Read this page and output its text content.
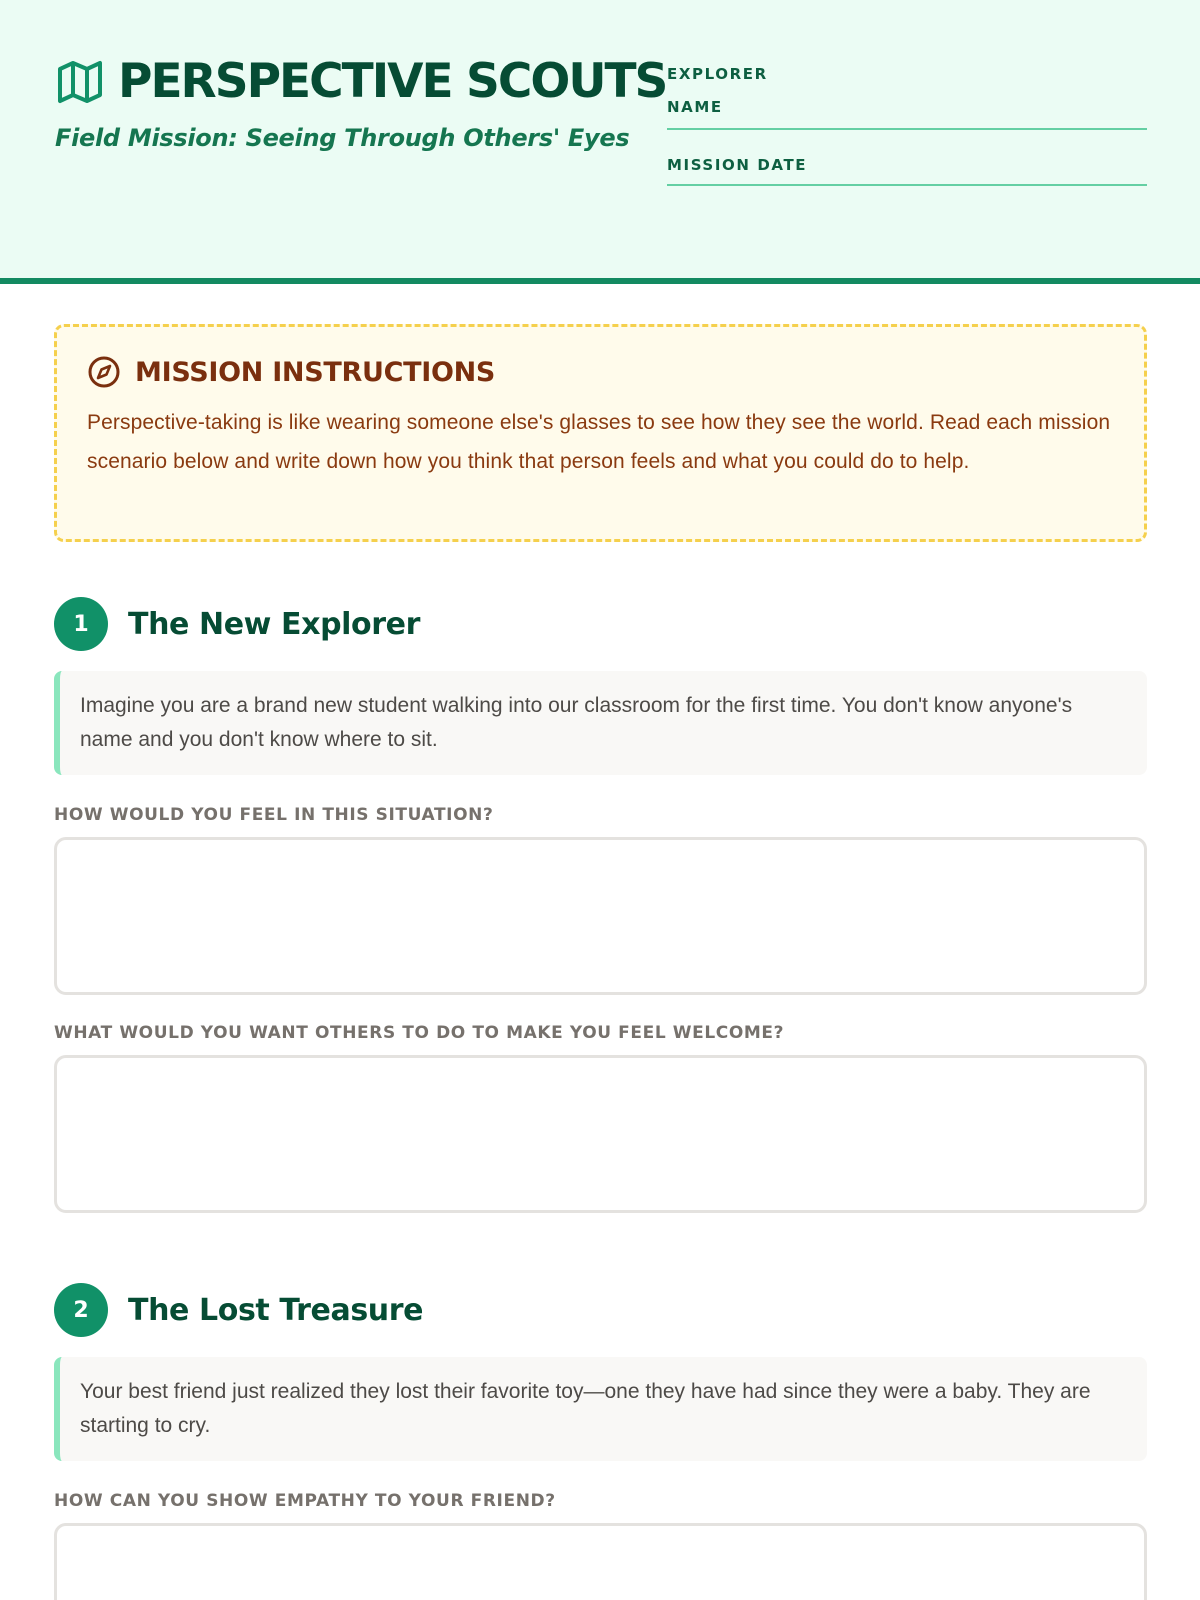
PERSPECTIVE SCOUTS
Field Mission: Seeing Through Others' Eyes
EXPLORER NAME
MISSION DATE
MISSION INSTRUCTIONS
Perspective-taking is like wearing someone else's glasses to see how they see the world. Read each mission scenario below and write down how you think that person feels and what you could do to help.
1	The New Explorer
Imagine you are a brand new student walking into our classroom for the first time. You don't know anyone's name and you don't know where to sit.
HOW WOULD YOU FEEL IN THIS SITUATION?
WHAT WOULD YOU WANT OTHERS TO DO TO MAKE YOU FEEL WELCOME?
2	The Lost Treasure
Your best friend just realized they lost their favorite toy—one they have had since they were a baby. They are starting to cry.
HOW CAN YOU SHOW EMPATHY TO YOUR FRIEND?
